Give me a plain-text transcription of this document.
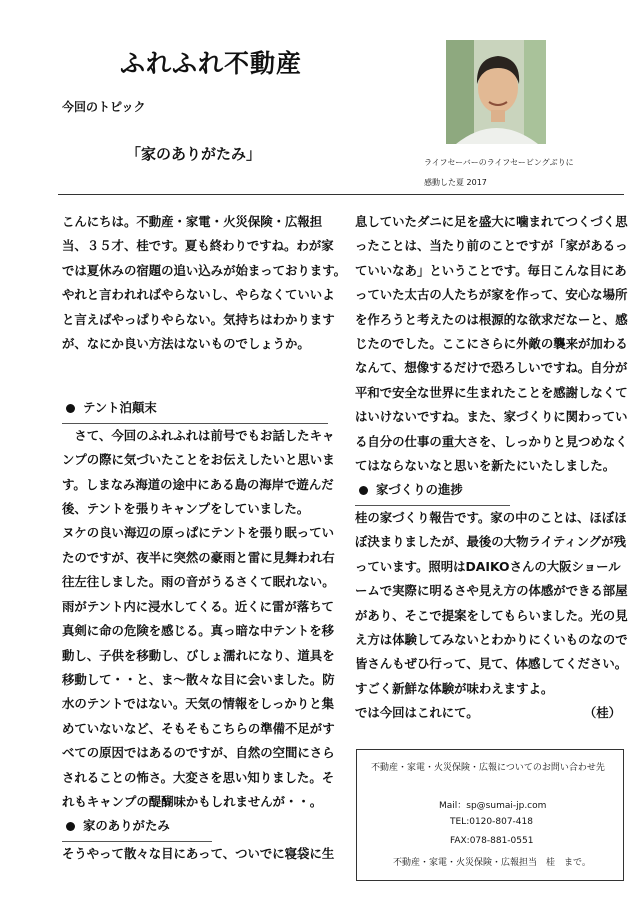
ふれふれ不動産
今回のトピック
「家のありがたみ」	ライフセーバーのライフセービングぶりに
感動した夏 2017

こんにちは。不動産・家電・火災保険・広報担

当、３５才、桂です。夏も終わりですね。わが家

では夏休みの宿題の追い込みが始まっております。

やれと言われればやらないし、やらなくていいよ

と言えばやっぱりやらない。気持ちはわかります

が、なにか良い方法はないものでしょうか。

テント泊顛末

　さて、今回のふれふれは前号でもお話したキャ

ンプの際に気づいたことをお伝えしたいと思いま

す。しまなみ海道の途中にある島の海岸で遊んだ

後、テントを張りキャンプをしていました。

ヌケの良い海辺の原っぱにテントを張り眠ってい

たのですが、夜半に突然の豪雨と雷に見舞われ右

往左往しました。雨の音がうるさくて眠れない。

雨がテント内に浸水してくる。近くに雷が落ちて

真剣に命の危険を感じる。真っ暗な中テントを移

動し、子供を移動し、びしょ濡れになり、道具を

移動して・・と、ま～散々な目に会いました。防

水のテントではない。天気の情報をしっかりと集

めていないなど、そもそもこちらの準備不足がす

べての原因ではあるのですが、自然の空間にさら

されることの怖さ。大変さを思い知りました。そ

れもキャンプの醍醐味かもしれませんが・・。

家のありがたみ

そうやって散々な目にあって、ついでに寝袋に生

息していたダニに足を盛大に噛まれてつくづく思

ったことは、当たり前のことですが「家があるっ

ていいなあ」ということです。毎日こんな目にあ

っていた太古の人たちが家を作って、安心な場所

を作ろうと考えたのは根源的な欲求だなーと、感

じたのでした。ここにさらに外敵の襲来が加わる

なんて、想像するだけで恐ろしいですね。自分が

平和で安全な世界に生まれたことを感謝しなくて

はいけないですね。また、家づくりに関わってい

る自分の仕事の重大さを、しっかりと見つめなく

てはならないなと思いを新たにいたしました。

家づくりの進捗

桂の家づくり報告です。家の中のことは、ほぼほ

ぼ決まりましたが、最後の大物ライティングが残

っています。照明はDAIKOさんの大阪ショール

ームで実際に明るさや見え方の体感ができる部屋

があり、そこで提案をしてもらいました。光の見

え方は体験してみないとわかりにくいものなので

皆さんもぜひ行って、見て、体感してください。

すごく新鮮な体験が味わえますよ。

では今回はこれにて。	（桂）

不動産・家電・火災保険・広報についてのお問い合わせ先
Mail：sp@sumai-jp.com
TEL:0120-807-418
FAX:078-881-0551
不動産・家電・火災保険・広報担当　桂　まで。
